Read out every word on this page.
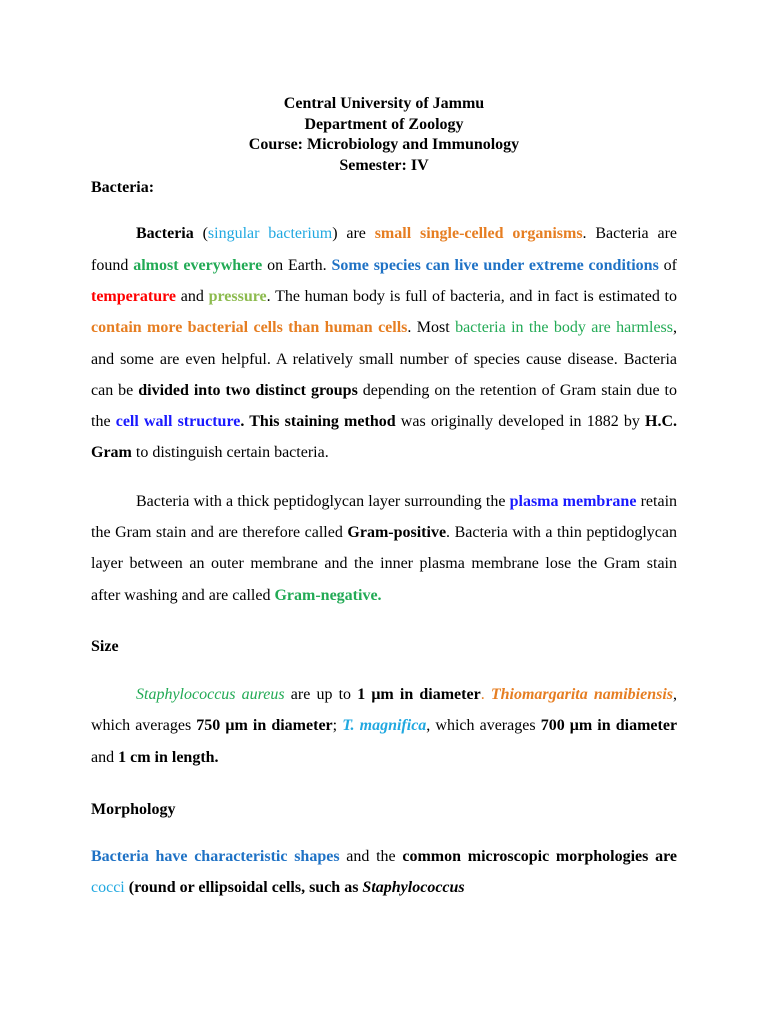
Central University of Jammu
Department of Zoology
Course: Microbiology and Immunology
Semester: IV
Bacteria:

Bacteria (singular bacterium) are small single-celled organisms. Bacteria are found almost everywhere on Earth. Some species can live under extreme conditions of temperature and pressure. The human body is full of bacteria, and in fact is estimated to contain more bacterial cells than human cells. Most bacteria in the body are harmless, and some are even helpful. A relatively small number of species cause disease. Bacteria can be divided into two distinct groups depending on the retention of Gram stain due to the cell wall structure. This staining method was originally developed in 1882 by H.C. Gram to distinguish certain bacteria.

Bacteria with a thick peptidoglycan layer surrounding the plasma membrane retain the Gram stain and are therefore called Gram-positive. Bacteria with a thin peptidoglycan layer between an outer membrane and the inner plasma membrane lose the Gram stain after washing and are called Gram-negative.

Size

Staphylococcus aureus are up to 1 μm in diameter. Thiomargarita namibiensis, which averages 750 μm in diameter; T. magnifica, which averages 700 μm in diameter and 1 cm in length.

Morphology

Bacteria have characteristic shapes and the common microscopic morphologies are cocci (round or ellipsoidal cells, such as Staphylococcus
